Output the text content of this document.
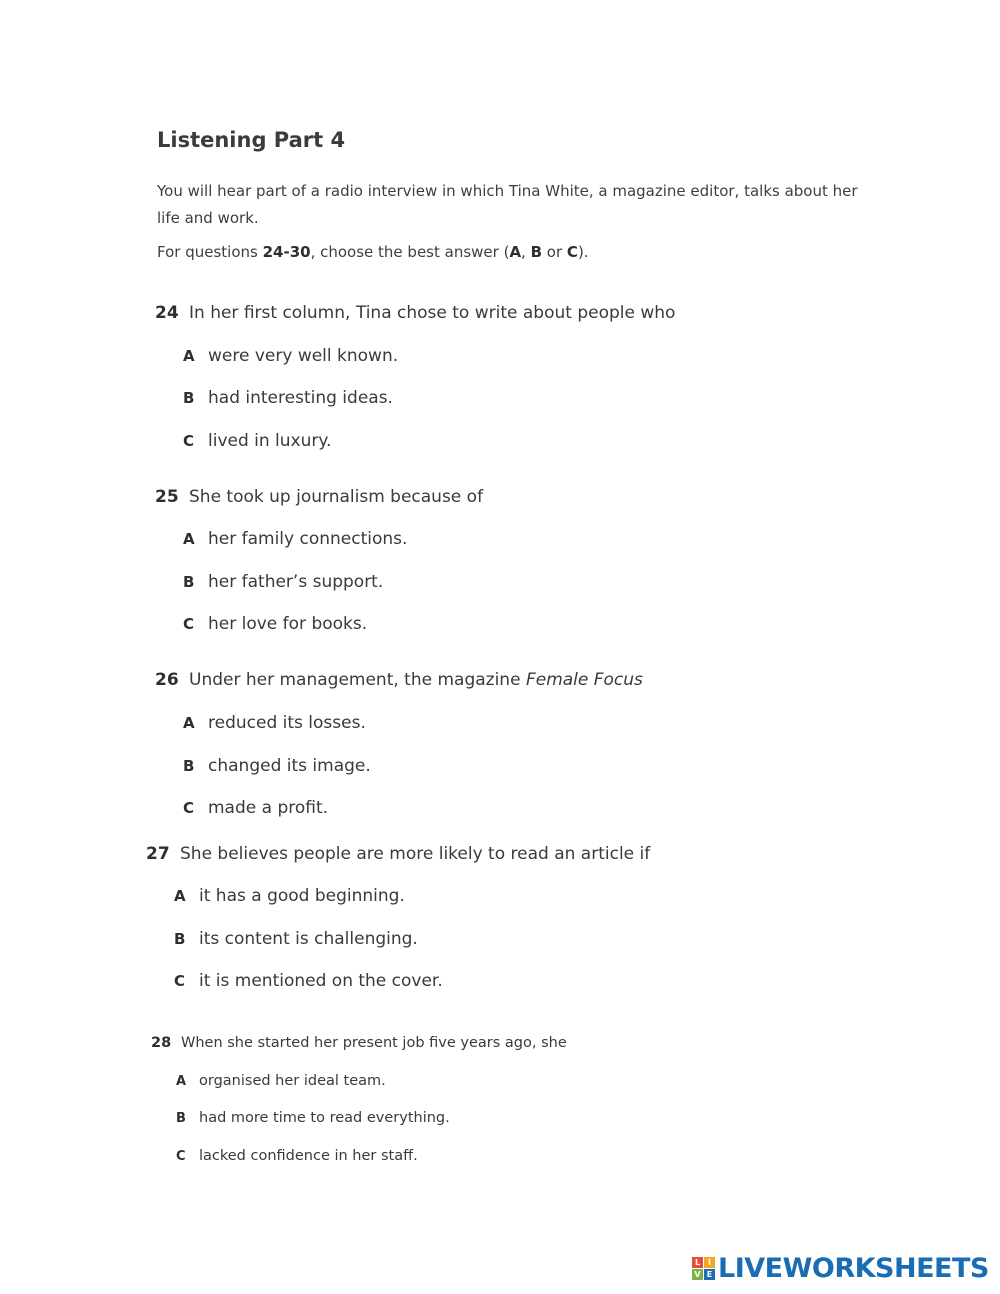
Listening Part 4
You will hear part of a radio interview in which Tina White, a magazine editor, talks about her life and work.
For questions 24-30, choose the best answer (A, B or C).
24 In her first column, Tina chose to write about people who
A were very well known.
B had interesting ideas.
C lived in luxury.
25 She took up journalism because of
A her family connections.
B her father’s support.
C her love for books.
26 Under her management, the magazine Female Focus
A reduced its losses.
B changed its image.
C made a profit.
27 She believes people are more likely to read an article if
A it has a good beginning.
B its content is challenging.
C it is mentioned on the cover.
28 When she started her present job five years ago, she
A organised her ideal team.
B had more time to read everything.
C lacked confidence in her staff.
L I
V E LIVEWORKSHEETS
